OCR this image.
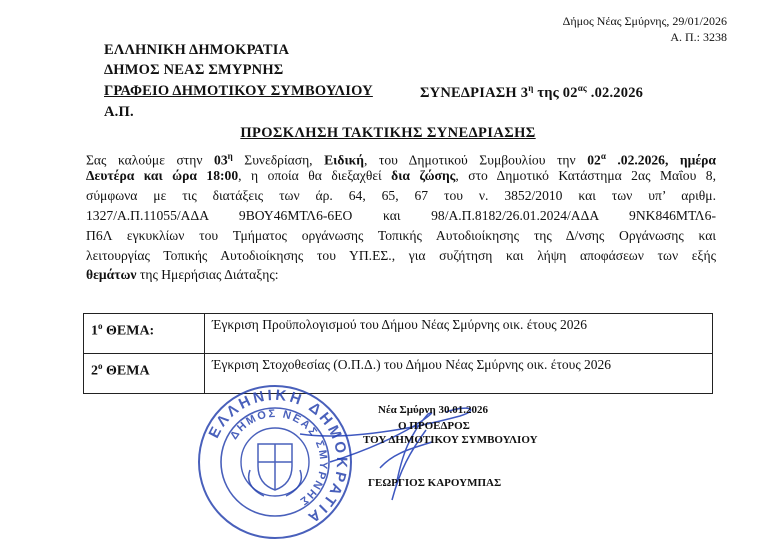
Δήμος Νέας Σμύρνης, 29/01/2026
Α. Π.: 3238
ΕΛΛΗΝΙΚΗ ΔΗΜΟΚΡΑΤΙΑ
ΔΗΜΟΣ ΝΕΑΣ ΣΜΥΡΝΗΣ
ΓΡΑΦΕΙΟ ΔΗΜΟΤΙΚΟΥ ΣΥΜΒΟΥΛΙΟΥ	ΣΥΝΕΔΡΙΑΣΗ $3^\eta$ της $02^{\alpha\varsigma}$ .02.2026
Α.Π.
ΠΡΟΣΚΛΗΣΗ ΤΑΚΤΙΚΗΣ ΣΥΝΕΔΡΙΑΣΗΣ
Σας καλούμε στην $03^\eta$ Συνεδρίαση, Ειδική, του Δημοτικού Συμβουλίου την $02^\alpha$ .02.2026, ημέρα
Δευτέρα και ώρα 18:00, η οποία θα διεξαχθεί δια ζώσης, στο Δημοτικό Κατάστημα 2ας Μαΐου 8,
σύμφωνα με τις διατάξεις των άρ. 64, 65, 67 του ν. 3852/2010 και των υπ’ αριθμ.
1327/Α.Π.11055/ΑΔΑ 9ΒΟΥ46ΜΤΛ6-6ΕΟ και 98/Α.Π.8182/26.01.2024/ΑΔΑ 9ΝΚ846ΜΤΛ6-
Π6Λ εγκυκλίων του Τμήματος οργάνωσης Τοπικής Αυτοδιοίκησης της Δ/νσης Οργάνωσης και
λειτουργίας Τοπικής Αυτοδιοίκησης του ΥΠ.ΕΣ., για συζήτηση και λήψη αποφάσεων των εξής
θεμάτων της Ημερήσιας Διάταξης:
$1^o$ ΘΕΜΑ:	Έγκριση Προϋπολογισμού του Δήμου Νέας Σμύρνης οικ. έτους 2026
$2^o$ ΘΕΜΑ	Έγκριση Στοχοθεσίας (Ο.Π.Δ.) του Δήμου Νέας Σμύρνης οικ. έτους 2026
ΕΛΛΗΝΙΚΗ ΔΗΜΟΚΡΑΤΙΑ
ΔΗΜΟΣ ΝΕΑΣ ΣΜΥΡΝΗΣ
Νέα Σμύρνη 30.01.2026
Ο ΠΡΟΕΔΡΟΣ
ΤΟΥ ΔΗΜΟΤΙΚΟΥ ΣΥΜΒΟΥΛΙΟΥ
ΓΕΩΡΓΙΟΣ ΚΑΡΟΥΜΠΑΣ
